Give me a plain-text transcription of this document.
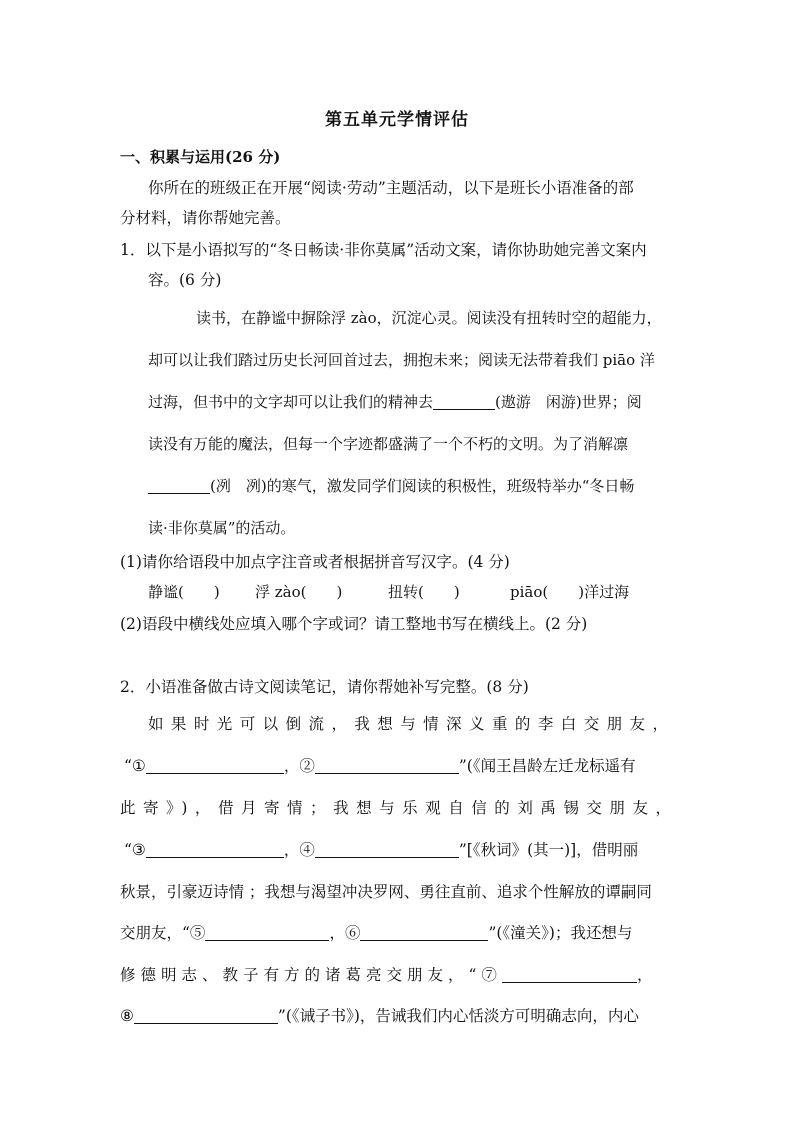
第五单元学情评估
一、积累与运用(26 分)
你所在的班级正在开展“阅读·劳动”主题活动，以下是班长小语准备的部
分材料，请你帮她完善。
1．以下是小语拟写的“冬日畅读·非你莫属”活动文案，请你协助她完善文案内
容。(6 分)
读书，在静谧中摒除浮 zào，沉淀心灵。阅读没有扭转时空的超能力，
却可以让我们踏过历史长河回首过去，拥抱未来；阅读无法带着我们 piāo 洋
过海，但书中的文字却可以让我们的精神去	(遨游　闲游)世界；阅
读没有万能的魔法，但每一个字迹都盛满了一个不朽的文明。为了消解凛
(冽　冽)的寒气，激发同学们阅读的积极性，班级特举办“冬日畅
读·非你莫属”的活动。
(1)请你给语段中加点字注音或者根据拼音写汉字。(4 分)
静谧(　　) 浮 zào(　　)	扭转(　　)	piāo(　　)洋过海
(2)语段中横线处应填入哪个字或词？请工整地书写在横线上。(2 分)
2．小语准备做古诗文阅读笔记，请你帮她补写完整。(8 分)
如果时光可以倒流，我想与情深义重的李白交朋友，
“①	，②	”(《闻王昌龄左迁龙标遥有
此寄》)，借月寄情；我想与乐观自信的刘禹锡交朋友，
“③	，④	”[《秋词》(其一)]，借明丽
秋景，引豪迈诗情 ；我想与渴望冲决罗网、勇往直前、追求个性解放的谭嗣同
交朋友，“⑤	，⑥	”(《潼关》)；我还想与
修德明志、教子有方的诸葛亮交朋友，“⑦	，
⑧	”(《诫子书》)，告诫我们内心恬淡方可明确志向，内心
